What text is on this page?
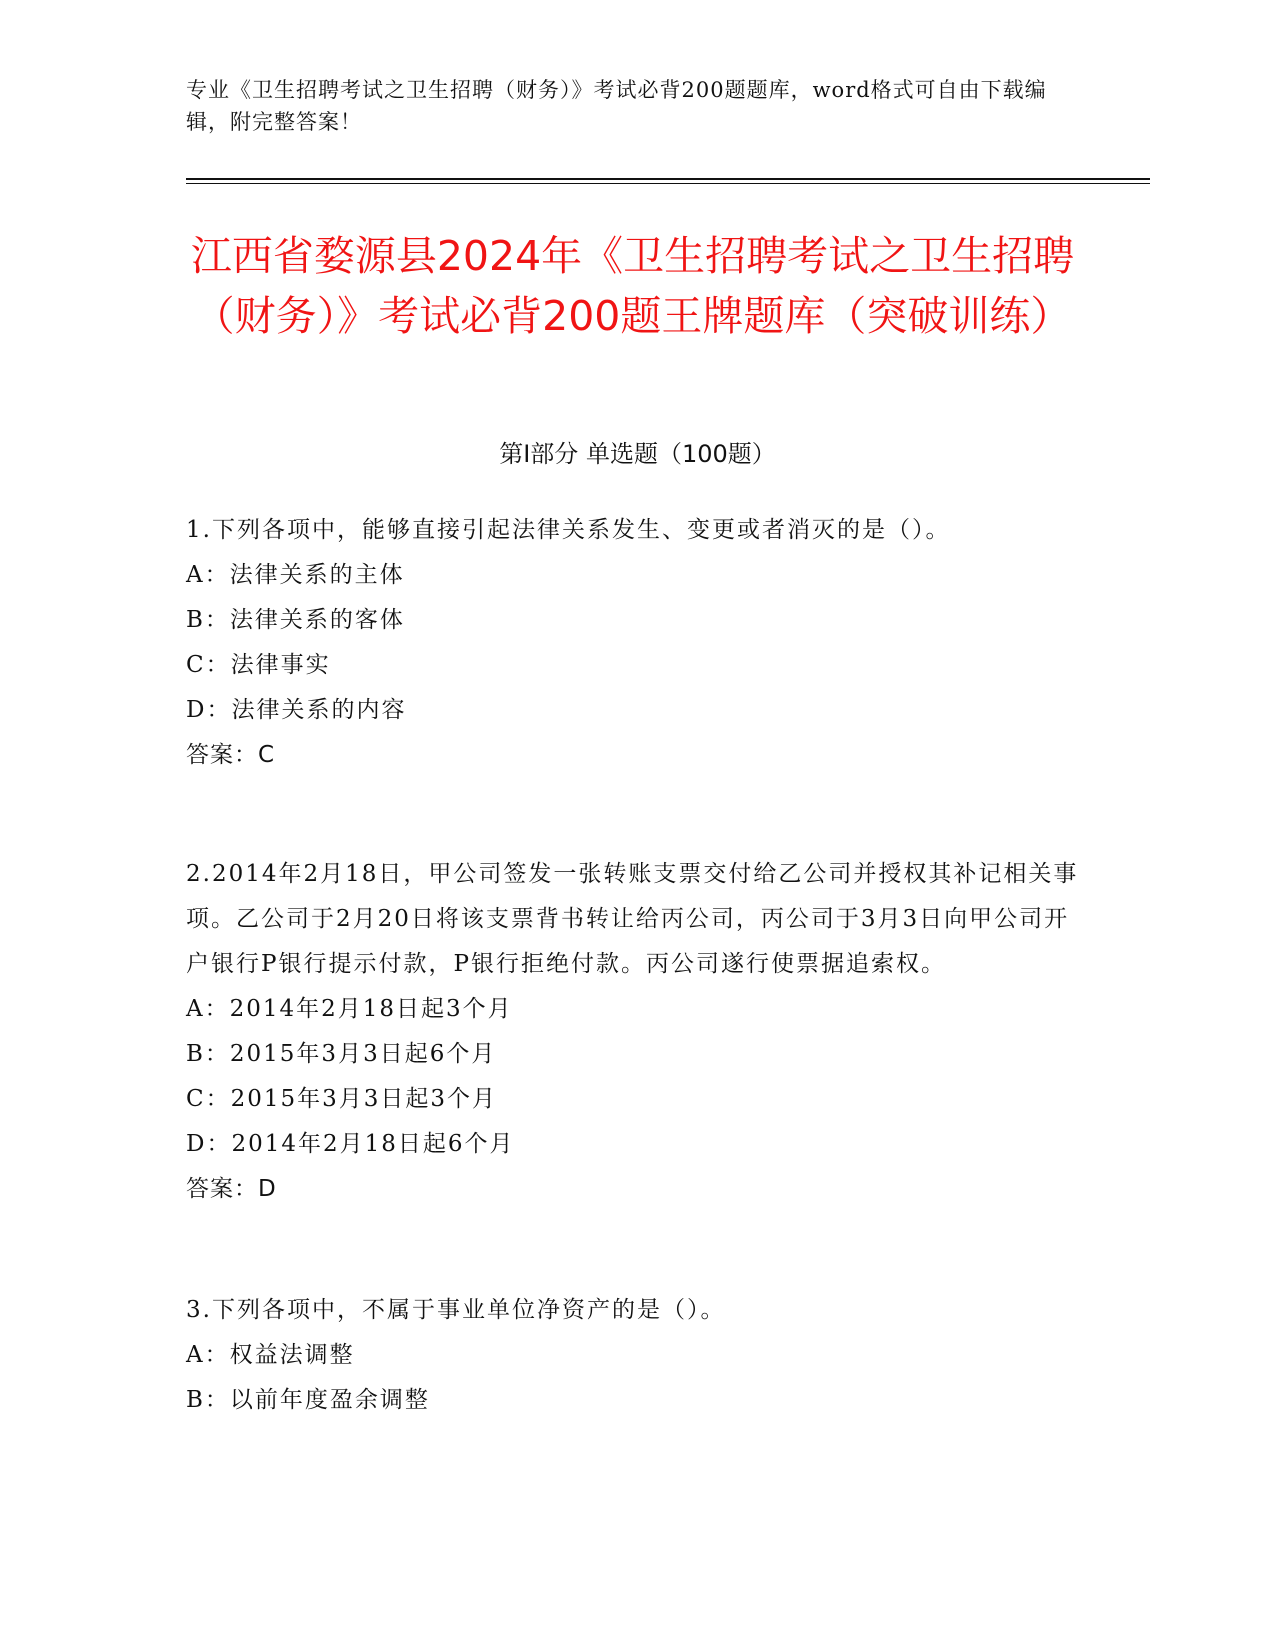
专业《卫生招聘考试之卫生招聘（财务）》考试必背200题题库，word格式可自由下载编辑，附完整答案！

江西省婺源县2024年《卫生招聘考试之卫生招聘（财务）》考试必背200题王牌题库（突破训练）

第Ⅰ部分 单选题（100题）

1.下列各项中，能够直接引起法律关系发生、变更或者消灭的是（）。

A：法律关系的主体

B：法律关系的客体

C：法律事实

D：法律关系的内容

答案：C

2.2014年2月18日，甲公司签发一张转账支票交付给乙公司并授权其补记相关事项。乙公司于2月20日将该支票背书转让给丙公司，丙公司于3月3日向甲公司开户银行P银行提示付款，P银行拒绝付款。丙公司遂行使票据追索权。

A：2014年2月18日起3个月

B：2015年3月3日起6个月

C：2015年3月3日起3个月

D：2014年2月18日起6个月

答案：D

3.下列各项中，不属于事业单位净资产的是（）。

A：权益法调整

B：以前年度盈余调整
